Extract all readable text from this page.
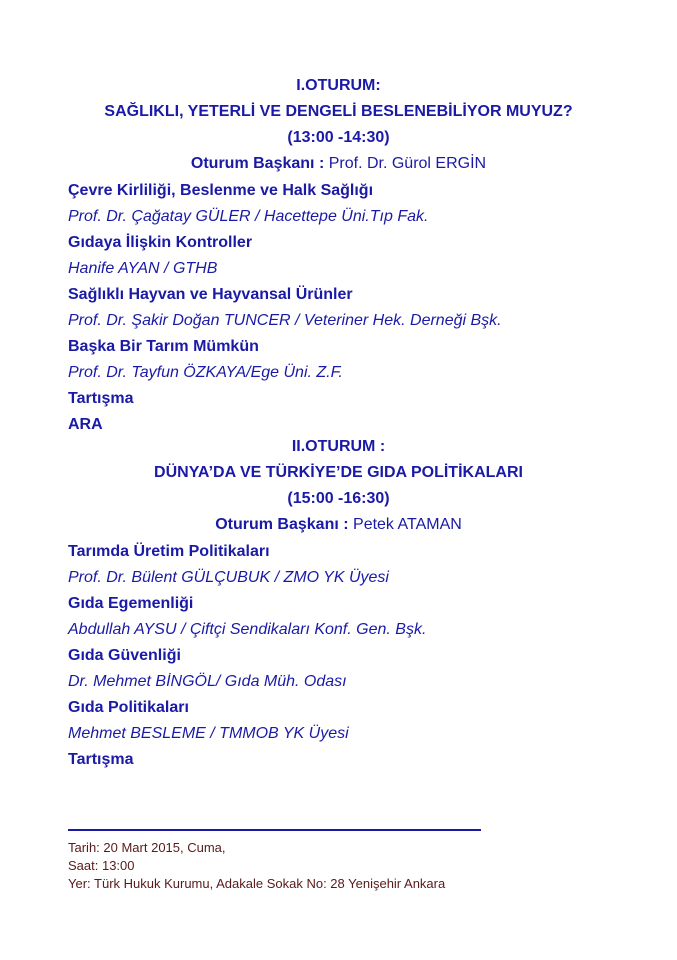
I.OTURUM:
SAĞLIKLI, YETERLİ VE DENGELİ BESLENEBİLİYOR MUYUZ?
(13:00 -14:30)
Oturum Başkanı : Prof. Dr. Gürol ERGİN
Çevre Kirliliği, Beslenme ve Halk Sağlığı
Prof. Dr. Çağatay GÜLER / Hacettepe Üni.Tıp Fak.
Gıdaya İlişkin Kontroller
Hanife AYAN / GTHB
Sağlıklı Hayvan ve Hayvansal Ürünler
Prof. Dr. Şakir Doğan TUNCER / Veteriner Hek. Derneği Bşk.
Başka Bir Tarım Mümkün
Prof. Dr. Tayfun ÖZKAYA/Ege Üni. Z.F.
Tartışma
ARA
II.OTURUM :
DÜNYA’DA VE TÜRKİYE’DE GIDA POLİTİKALARI
(15:00 -16:30)
Oturum Başkanı : Petek ATAMAN
Tarımda Üretim Politikaları
Prof. Dr. Bülent GÜLÇUBUK / ZMO YK Üyesi
Gıda Egemenliği
Abdullah AYSU / Çiftçi Sendikaları Konf. Gen. Bşk.
Gıda Güvenliği
Dr. Mehmet BİNGÖL/ Gıda Müh. Odası
Gıda Politikaları
Mehmet BESLEME / TMMOB YK Üyesi
Tartışma
Tarih: 20 Mart 2015, Cuma,
Saat: 13:00
Yer: Türk Hukuk Kurumu, Adakale Sokak No: 28 Yenişehir Ankara
